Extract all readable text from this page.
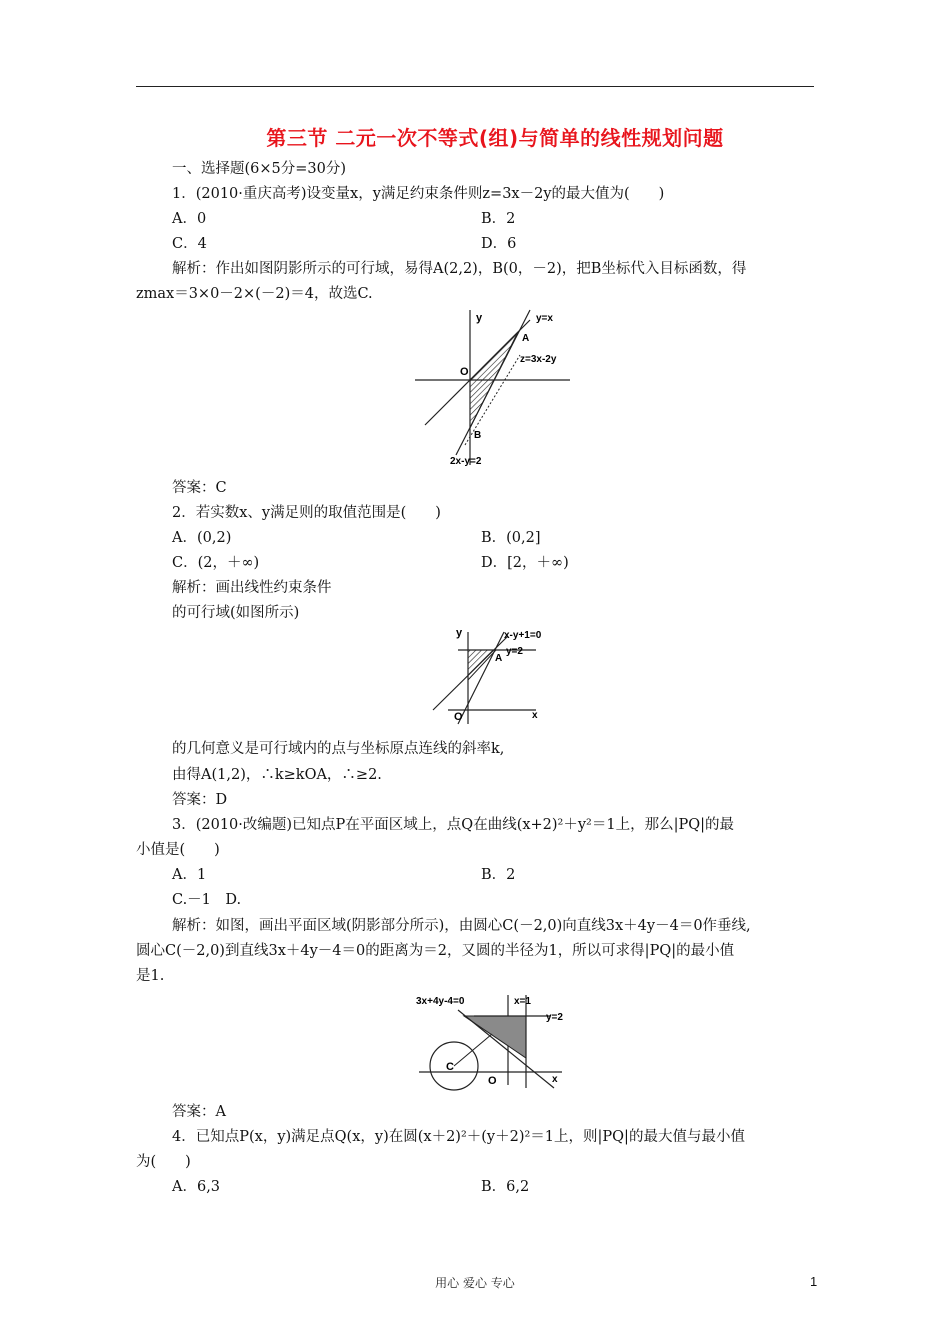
第三节 二元一次不等式(组)与简单的线性规划问题
一、选择题(6×5分=30分)
1．(2010·重庆高考)设变量x，y满足约束条件则z=3x－2y的最大值为(　　)
A．0	B．2
C．4	D．6
解析：作出如图阴影所示的可行域，易得A(2,2)，B(0，－2)，把B坐标代入目标函数，得
zmax＝3×0－2×(－2)＝4，故选C.
y
O
A
B
y=x
z=3x-2y
2x-y=2
答案：C
2．若实数x、y满足则的取值范围是(　　)
A．(0,2)	B．(0,2]
C．(2，＋∞)	D．[2，＋∞)
解析：画出线性约束条件
的可行域(如图所示)
y
x
O
A
x-y+1=0
y=2
的几何意义是可行域内的点与坐标原点连线的斜率k,
由得A(1,2)，∴k≥kOA，∴≥2.
答案：D
3．(2010·改编题)已知点P在平面区域上，点Q在曲线(x+2)²＋y²＝1上，那么|PQ|的最
小值是(　　)
A．1	B．2
C.－1　D.
解析：如图，画出平面区域(阴影部分所示)，由圆心C(－2,0)向直线3x＋4y－4＝0作垂线,
圆心C(－2,0)到直线3x＋4y－4＝0的距离为＝2，又圆的半径为1，所以可求得|PQ|的最小值
是1.
C
O	x
3x+4y-4=0	x=1
y=2
答案：A
4．已知点P(x，y)满足点Q(x，y)在圆(x＋2)²＋(y＋2)²＝1上，则|PQ|的最大值与最小值
为(　　)
A．6,3	B．6,2
用心 爱心 专心	1
